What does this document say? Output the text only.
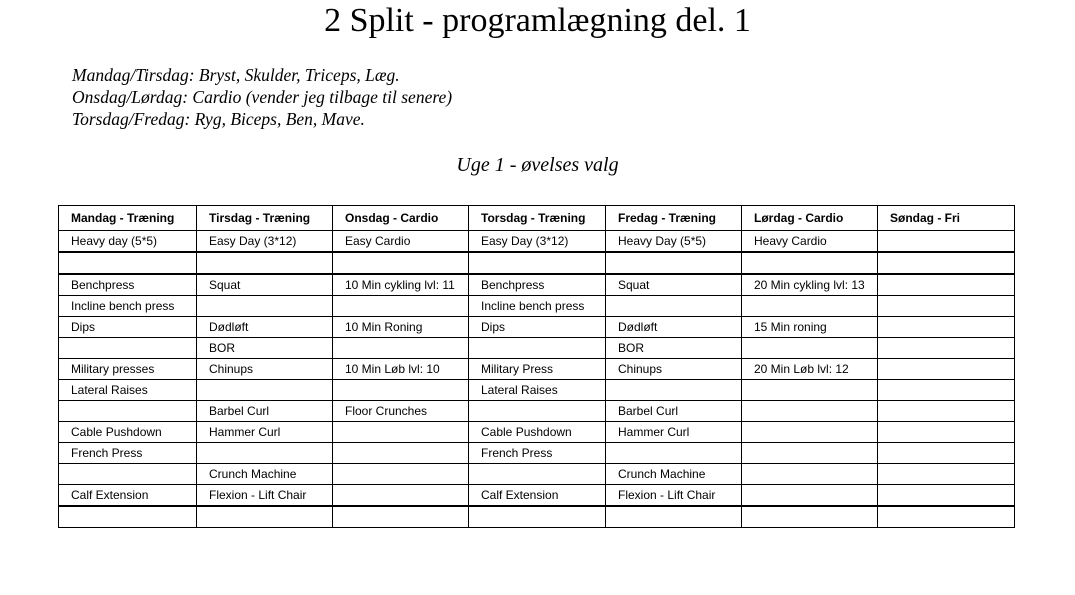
2 Split - programlægning del. 1
Mandag/Tirsdag: Bryst, Skulder, Triceps, Læg.
Onsdag/Lørdag: Cardio (vender jeg tilbage til senere)
Torsdag/Fredag: Ryg, Biceps, Ben, Mave.
Uge 1 - øvelses valg
Mandag - Træning	Tirsdag - Træning	Onsdag - Cardio	Torsdag - Træning	Fredag - Træning	Lørdag - Cardio	Søndag - Fri
Heavy day (5*5)	Easy Day (3*12)	Easy Cardio	Easy Day (3*12)	Heavy Day (5*5)	Heavy Cardio	

Benchpress	Squat	10 Min cykling lvl: 11	Benchpress	Squat	20 Min cykling lvl: 13	
Incline bench press			Incline bench press			
Dips	Dødløft	10 Min Roning	Dips	Dødløft	15 Min roning	
	BOR			BOR		
Military presses	Chinups	10 Min Løb lvl: 10	Military Press	Chinups	20 Min Løb lvl: 12	
Lateral Raises			Lateral Raises			
	Barbel Curl	Floor Crunches		Barbel Curl		
Cable Pushdown	Hammer Curl		Cable Pushdown	Hammer Curl		
French Press			French Press			
	Crunch Machine			Crunch Machine		
Calf Extension	Flexion - Lift Chair		Calf Extension	Flexion - Lift Chair		
